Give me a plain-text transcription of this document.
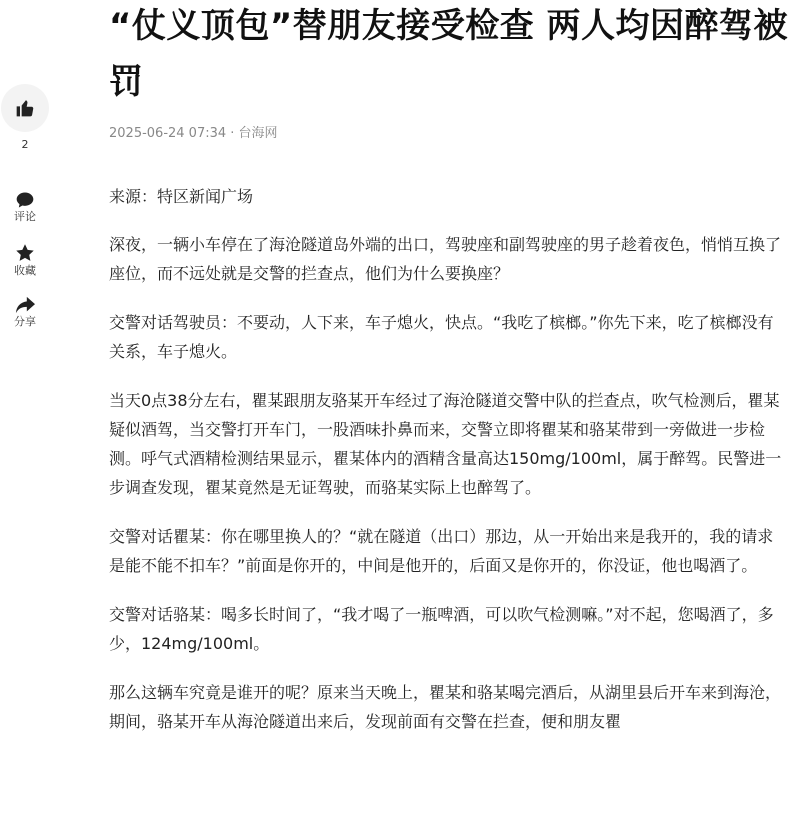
2
评论
收藏
分享
“仗义顶包”替朋友接受检查 两人均因醉驾被罚
2025-06-24 07:34 · 台海网

来源：特区新闻广场

深夜，一辆小车停在了海沧隧道岛外端的出口，驾驶座和副驾驶座的男子趁着夜色，悄悄互换了座位，而不远处就是交警的拦查点，他们为什么要换座？

交警对话驾驶员：不要动，人下来，车子熄火，快点。“我吃了槟榔。”你先下来，吃了槟榔没有关系，车子熄火。

当天0点38分左右，瞿某跟朋友骆某开车经过了海沧隧道交警中队的拦查点，吹气检测后，瞿某疑似酒驾，当交警打开车门，一股酒味扑鼻而来，交警立即将瞿某和骆某带到一旁做进一步检测。呼气式酒精检测结果显示，瞿某体内的酒精含量高达150mg/100ml，属于醉驾。民警进一步调查发现，瞿某竟然是无证驾驶，而骆某实际上也醉驾了。

交警对话瞿某：你在哪里换人的？“就在隧道（出口）那边，从一开始出来是我开的，我的请求是能不能不扣车？”前面是你开的，中间是他开的，后面又是你开的，你没证，他也喝酒了。

交警对话骆某：喝多长时间了，“我才喝了一瓶啤酒，可以吹气检测嘛。”对不起，您喝酒了，多少，124mg/100ml。

那么这辆车究竟是谁开的呢？原来当天晚上，瞿某和骆某喝完酒后，从湖里县后开车来到海沧，期间，骆某开车从海沧隧道出来后，发现前面有交警在拦查，便和朋友瞿
